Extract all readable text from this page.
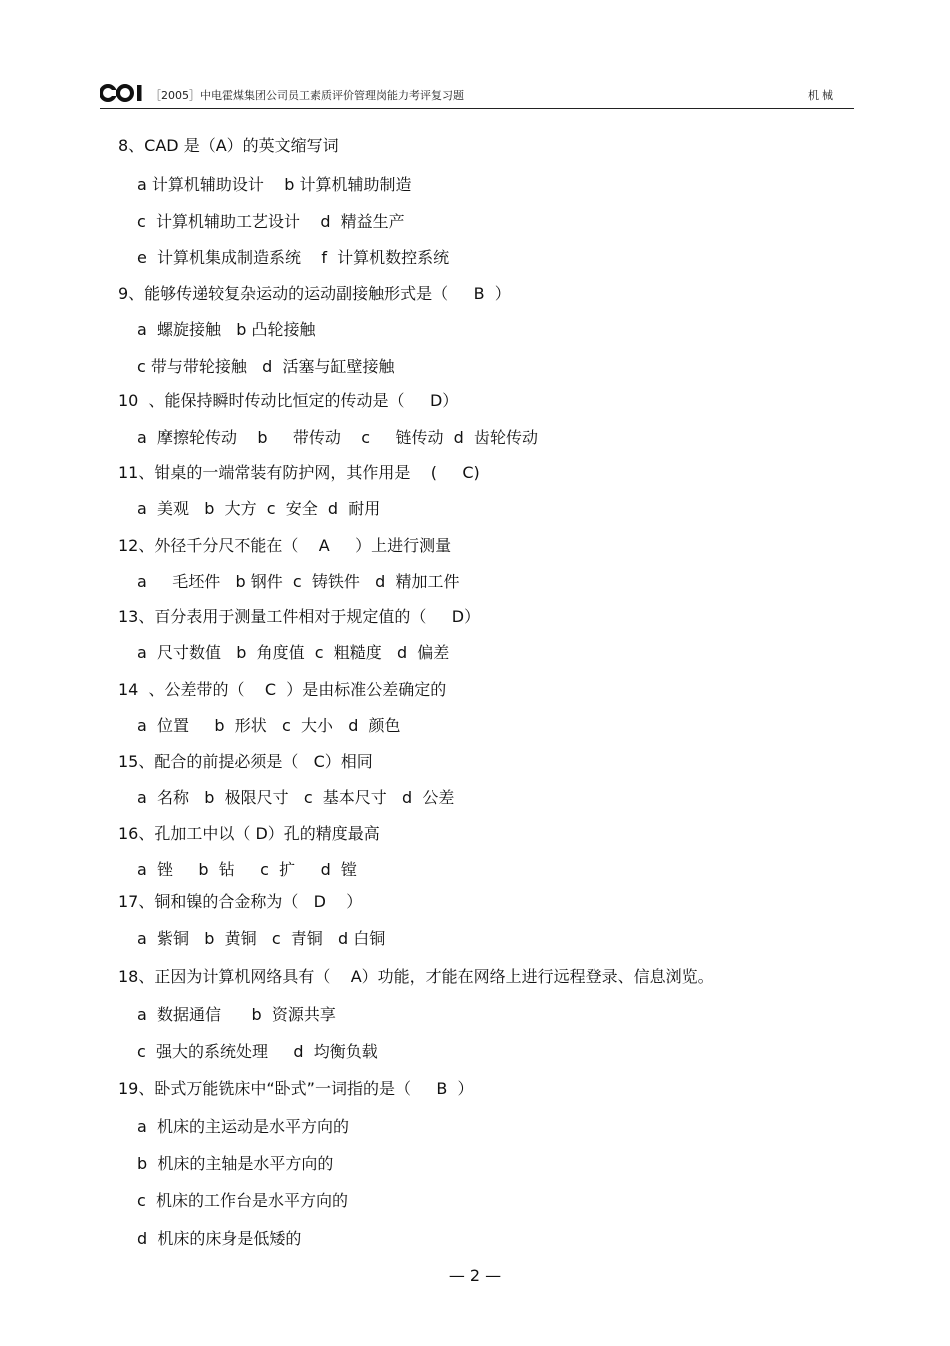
［2005］中电霍煤集团公司员工素质评价管理岗能力考评复习题	机械
8、CAD 是（A）的英文缩写词
a 计算机辅助设计    b 计算机辅助制造
c  计算机辅助工艺设计    d  精益生产
e  计算机集成制造系统    f  计算机数控系统
9、能够传递较复杂运动的运动副接触形式是（     B  ）
a  螺旋接触   b 凸轮接触
c 带与带轮接触   d  活塞与缸壁接触
10  、能保持瞬时传动比恒定的传动是（     D）
a  摩擦轮传动    b     带传动    c     链传动  d  齿轮传动
11、钳桌的一端常装有防护网，其作用是    (     C)
a  美观   b  大方  c  安全  d  耐用
12、外径千分尺不能在（    A     ）上进行测量
a     毛坯件   b 钢件  c  铸铁件   d  精加工件
13、百分表用于测量工件相对于规定值的（     D）
a  尺寸数值   b  角度值  c  粗糙度   d  偏差
14  、公差带的（    C  ）是由标准公差确定的
a  位置     b  形状   c  大小   d  颜色
15、配合的前提必须是（   C）相同
a  名称   b  极限尺寸   c  基本尺寸   d  公差
16、孔加工中以（ D）孔的精度最高
a  锉     b  钻     c  扩     d  镗
17、铜和镍的合金称为（   D    ）
a  紫铜   b  黄铜   c  青铜   d 白铜
18、正因为计算机网络具有（    A）功能，才能在网络上进行远程登录、信息浏览。
a  数据通信      b  资源共享
c  强大的系统处理     d  均衡负载
19、卧式万能铣床中“卧式”一词指的是（     B  ）
a  机床的主运动是水平方向的
b  机床的主轴是水平方向的
c  机床的工作台是水平方向的
d  机床的床身是低矮的
— 2 —
